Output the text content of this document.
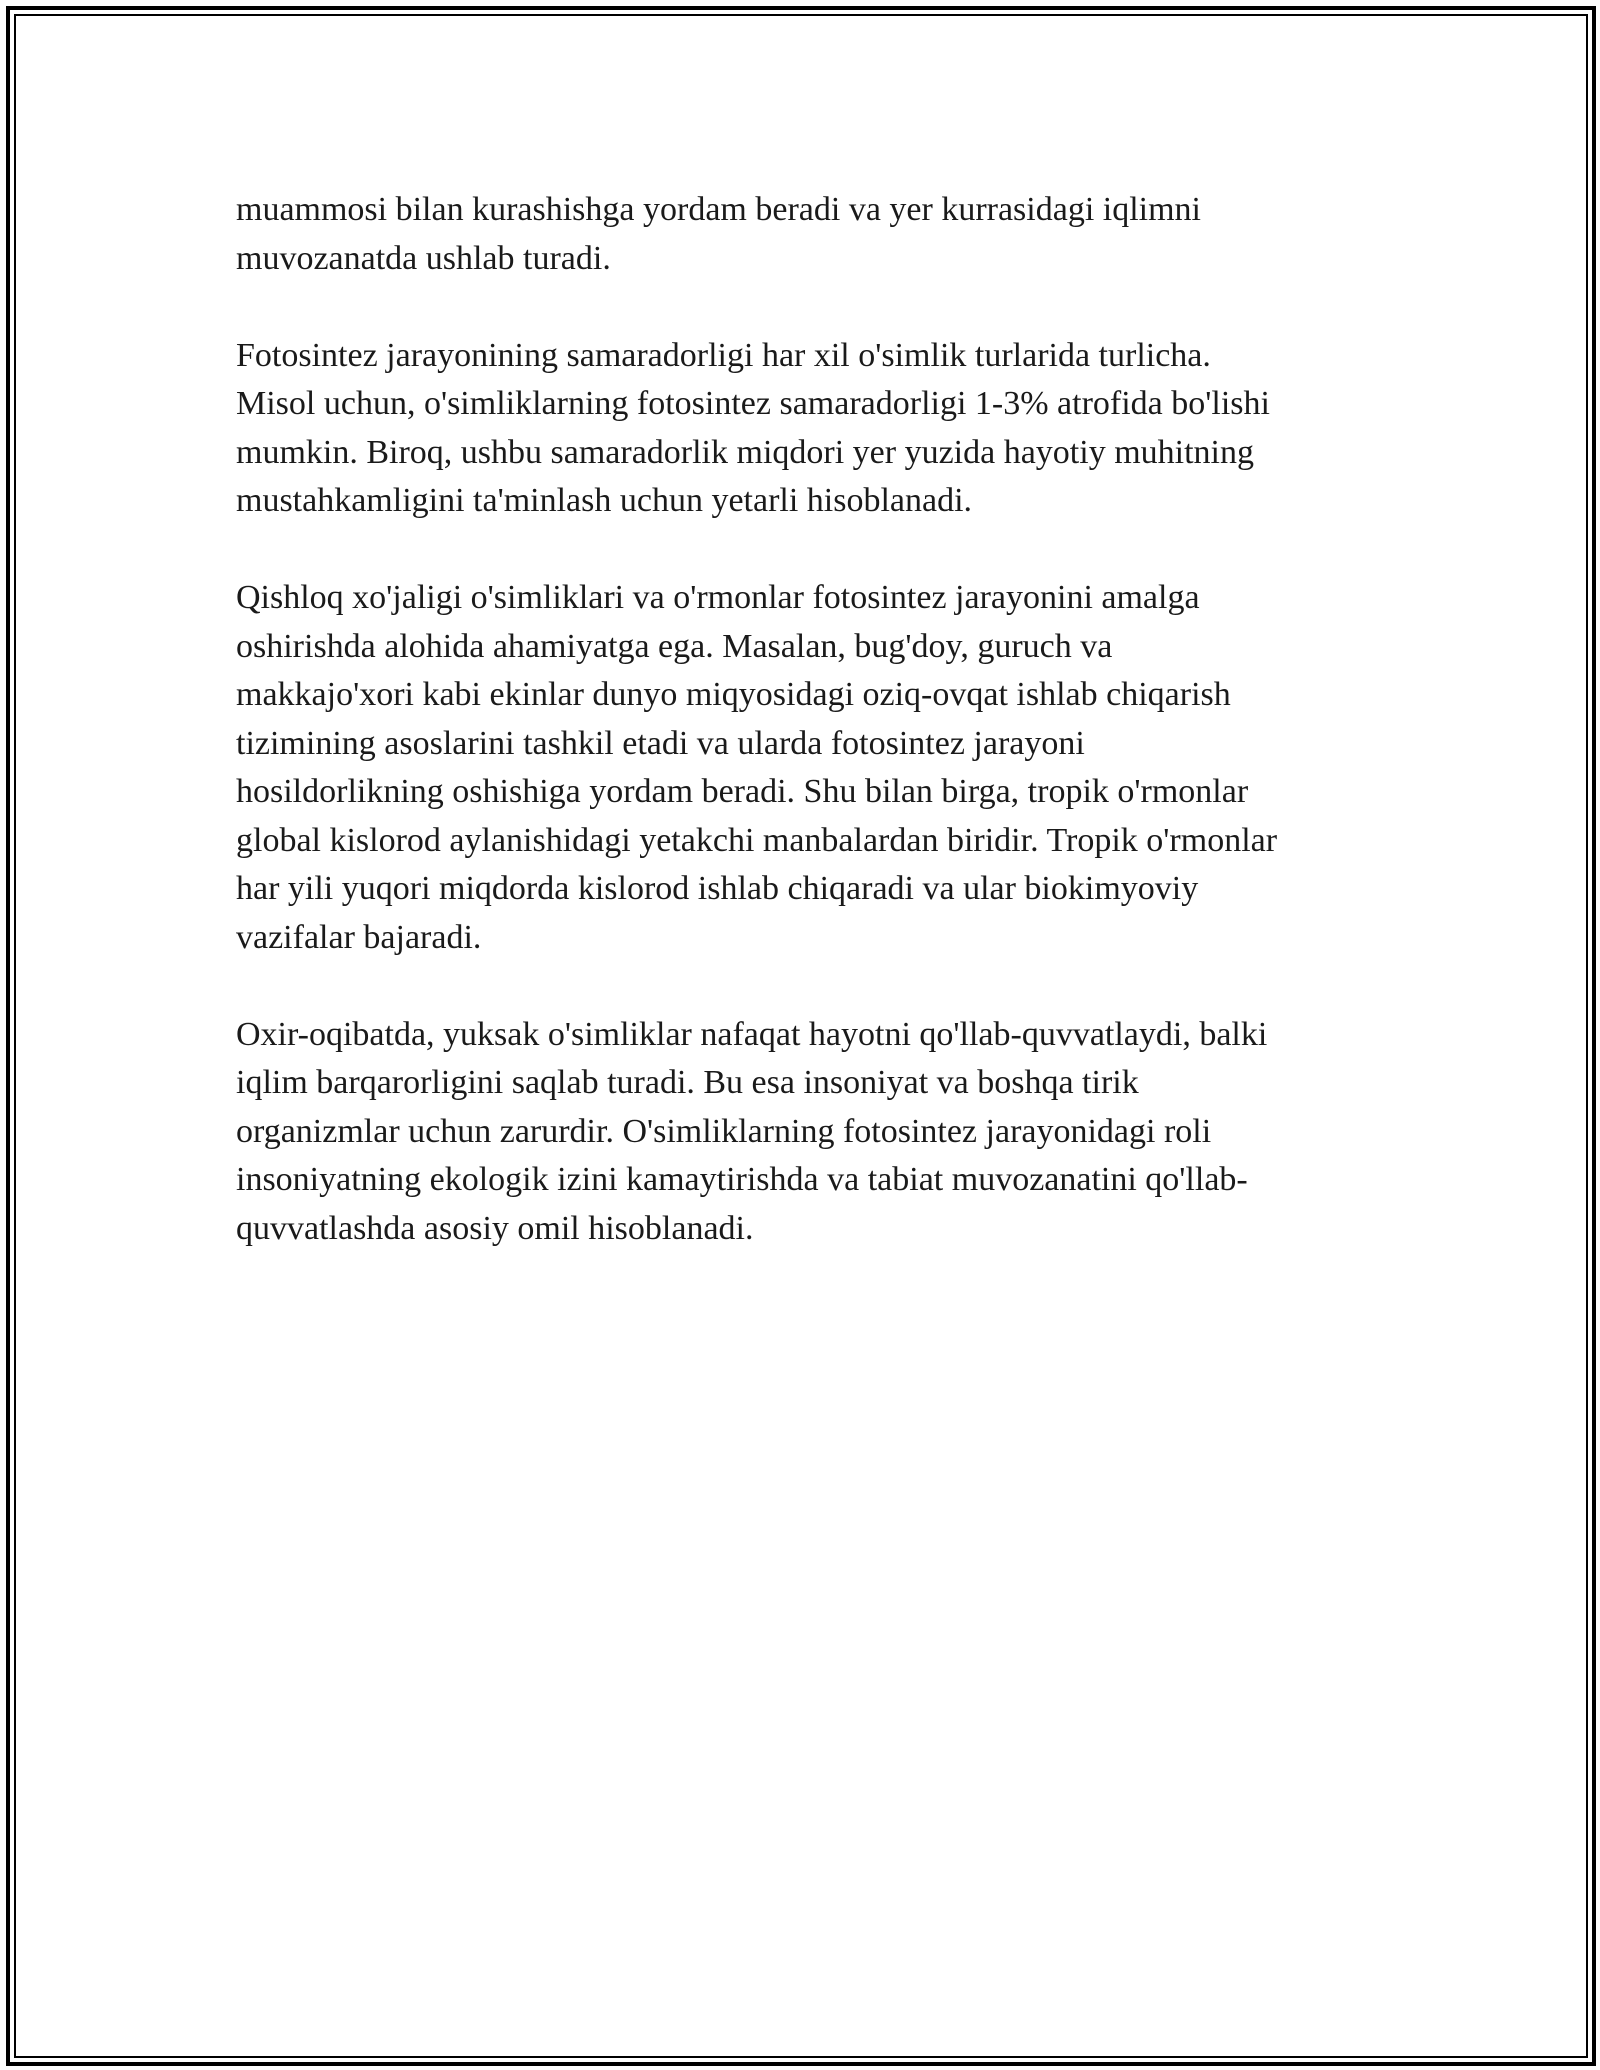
muammosi bilan kurashishga yordam beradi va yer kurrasidagi iqlimni
muvozanatda ushlab turadi.

Fotosintez jarayonining samaradorligi har xil o'simlik turlarida turlicha.
Misol uchun, o'simliklarning fotosintez samaradorligi 1-3% atrofida bo'lishi
mumkin. Biroq, ushbu samaradorlik miqdori yer yuzida hayotiy muhitning
mustahkamligini ta'minlash uchun yetarli hisoblanadi.

Qishloq xo'jaligi o'simliklari va o'rmonlar fotosintez jarayonini amalga
oshirishda alohida ahamiyatga ega. Masalan, bug'doy, guruch va
makkajo'xori kabi ekinlar dunyo miqyosidagi oziq-ovqat ishlab chiqarish
tizimining asoslarini tashkil etadi va ularda fotosintez jarayoni
hosildorlikning oshishiga yordam beradi. Shu bilan birga, tropik o'rmonlar
global kislorod aylanishidagi yetakchi manbalardan biridir. Tropik o'rmonlar
har yili yuqori miqdorda kislorod ishlab chiqaradi va ular biokimyoviy
vazifalar bajaradi.

Oxir-oqibatda, yuksak o'simliklar nafaqat hayotni qo'llab-quvvatlaydi, balki
iqlim barqarorligini saqlab turadi. Bu esa insoniyat va boshqa tirik
organizmlar uchun zarurdir. O'simliklarning fotosintez jarayonidagi roli
insoniyatning ekologik izini kamaytirishda va tabiat muvozanatini qo'llab-
quvvatlashda asosiy omil hisoblanadi.
